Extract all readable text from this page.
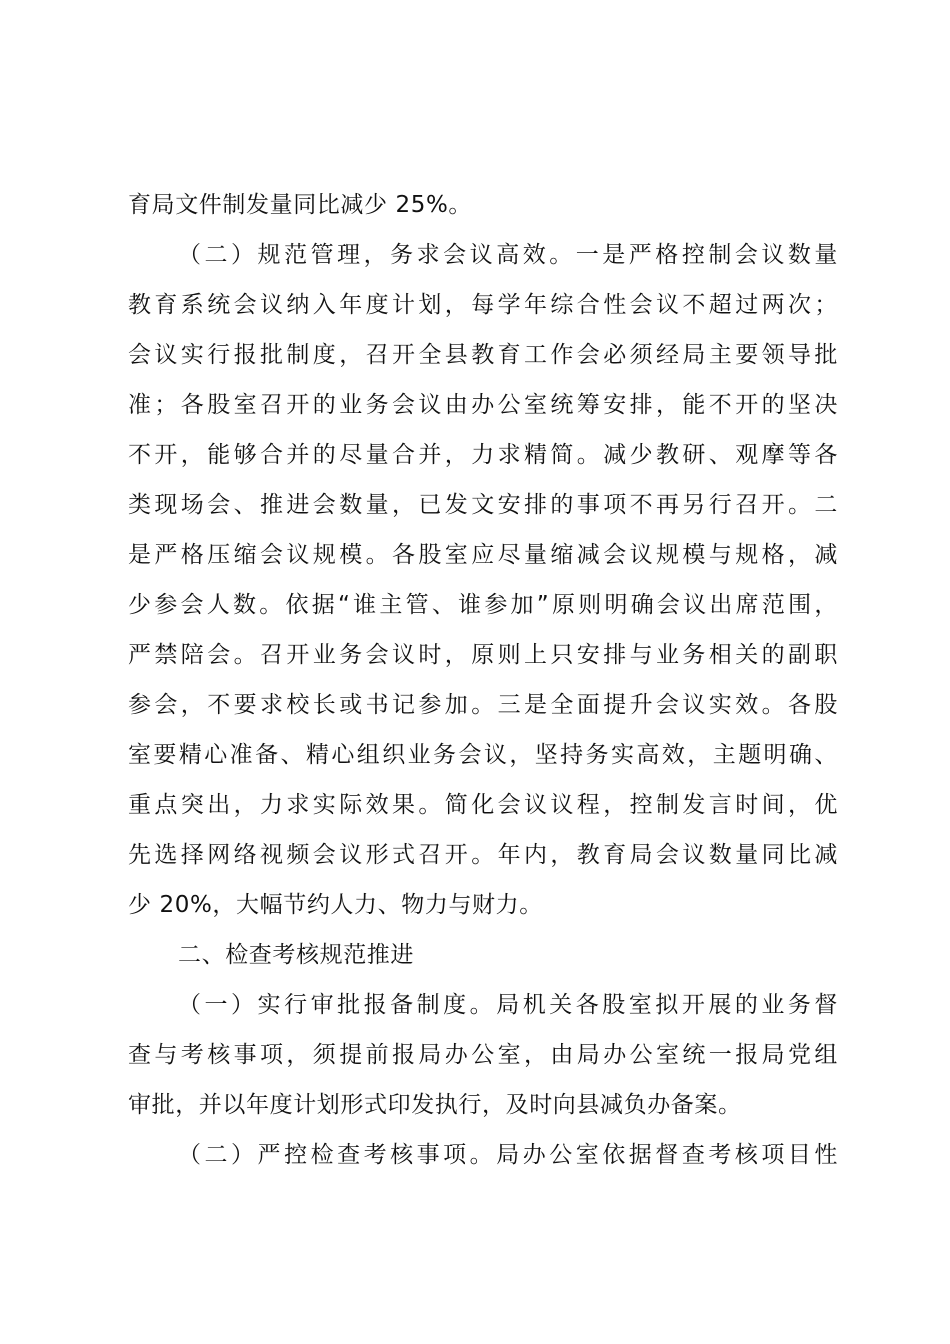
育局文件制发量同比减少 25%。
（二）规范管理，务求会议高效。一是严格控制会议数量
教育系统会议纳入年度计划，每学年综合性会议不超过两次；
会议实行报批制度，召开全县教育工作会必须经局主要领导批
准；各股室召开的业务会议由办公室统筹安排，能不开的坚决
不开，能够合并的尽量合并，力求精简。减少教研、观摩等各
类现场会、推进会数量，已发文安排的事项不再另行召开。二
是严格压缩会议规模。各股室应尽量缩减会议规模与规格，减
少参会人数。依据“谁主管、谁参加”原则明确会议出席范围，
严禁陪会。召开业务会议时，原则上只安排与业务相关的副职
参会，不要求校长或书记参加。三是全面提升会议实效。各股
室要精心准备、精心组织业务会议，坚持务实高效，主题明确、
重点突出，力求实际效果。简化会议议程，控制发言时间，优
先选择网络视频会议形式召开。年内，教育局会议数量同比减
少 20%，大幅节约人力、物力与财力。
二、检查考核规范推进
（一）实行审批报备制度。局机关各股室拟开展的业务督
查与考核事项，须提前报局办公室，由局办公室统一报局党组
审批，并以年度计划形式印发执行，及时向县减负办备案。
（二）严控检查考核事项。局办公室依据督查考核项目性
